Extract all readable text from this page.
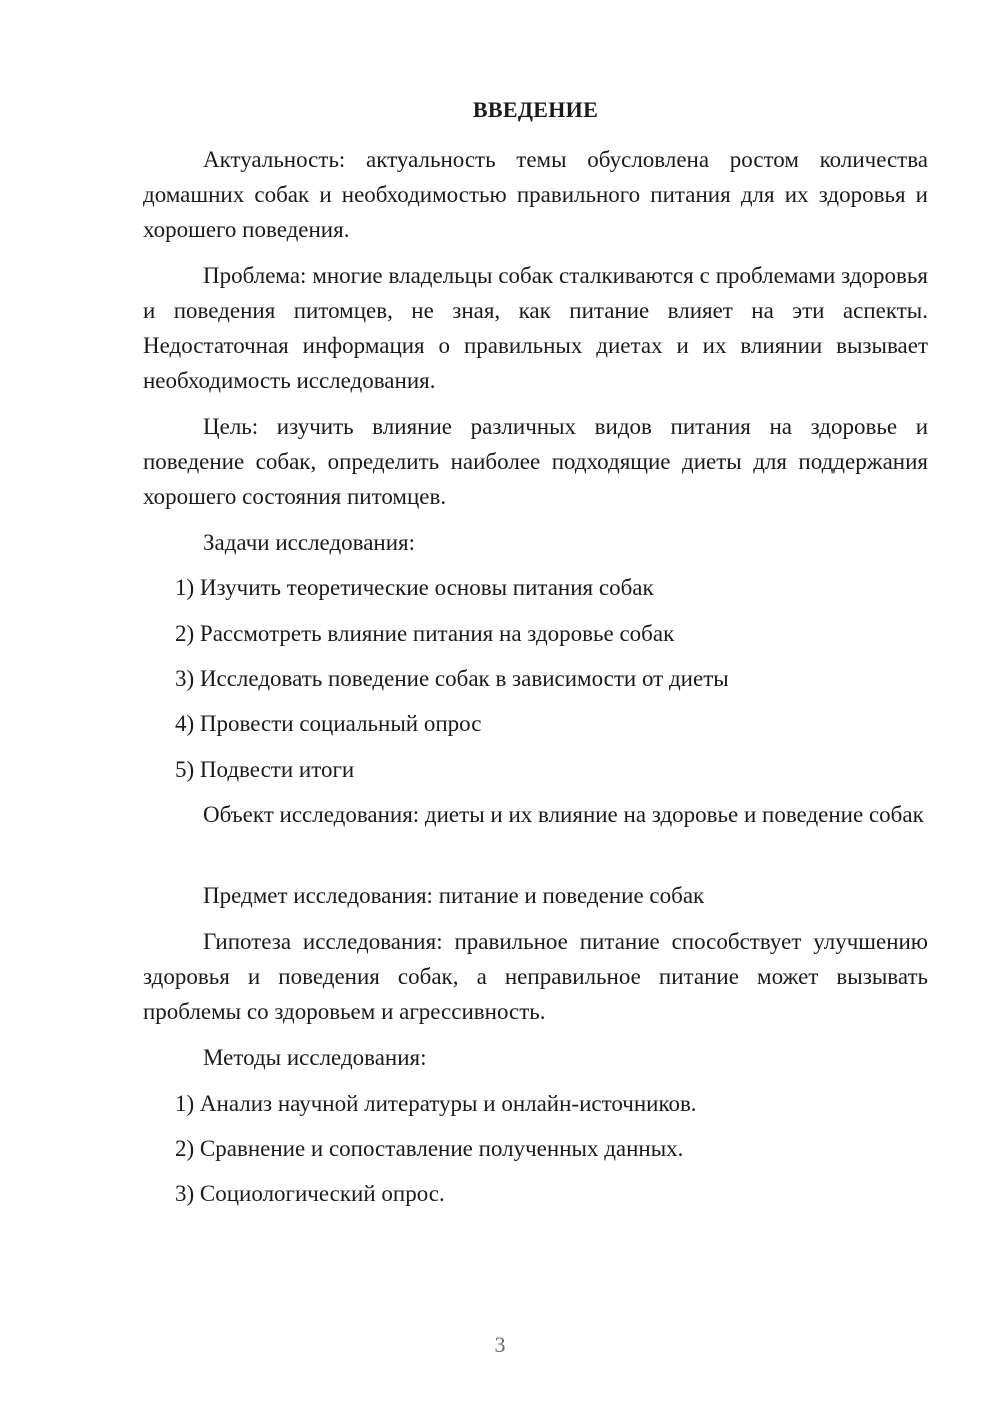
ВВЕДЕНИЕ

Актуальность: актуальность темы обусловлена ростом количества домашних собак и необходимостью правильного питания для их здоровья и хорошего поведения.

Проблема: многие владельцы собак сталкиваются с проблемами здоровья и поведения питомцев, не зная, как питание влияет на эти аспекты. Недостаточная информация о правильных диетах и их влиянии вызывает необходимость исследования.

Цель: изучить влияние различных видов питания на здоровье и поведение собак, определить наиболее подходящие диеты для поддержания хорошего состояния питомцев.

Задачи исследования:

1) Изучить теоретические основы питания собак
2) Рассмотреть влияние питания на здоровье собак
3) Исследовать поведение собак в зависимости от диеты
4) Провести социальный опрос
5) Подвести итоги

Объект исследования: диеты и их влияние на здоровье и поведение собак

Предмет исследования: питание и поведение собак

Гипотеза исследования: правильное питание способствует улучшению здоровья и поведения собак, а неправильное питание может вызывать проблемы со здоровьем и агрессивность.

Методы исследования:

1) Анализ научной литературы и онлайн-источников.
2) Сравнение и сопоставление полученных данных.
3) Социологический опрос.
3
